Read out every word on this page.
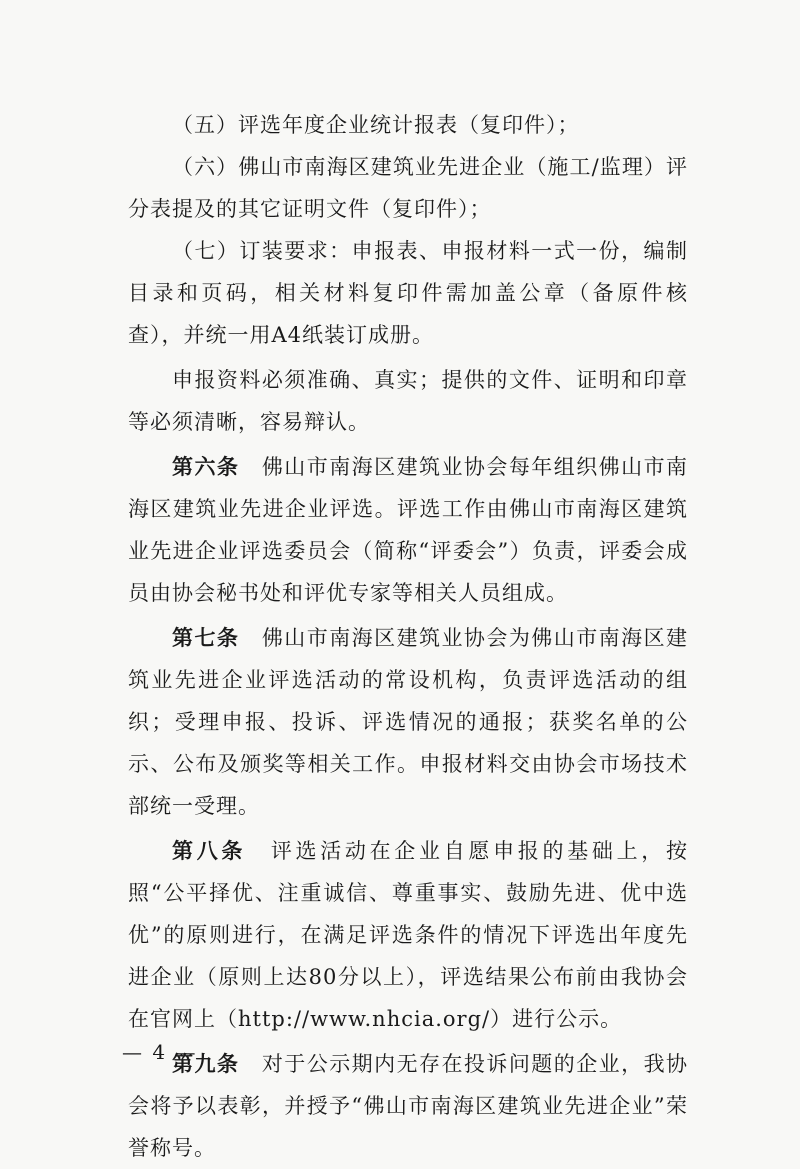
（五）评选年度企业统计报表（复印件）；

（六）佛山市南海区建筑业先进企业（施工/监理）评分表提及的其它证明文件（复印件）；

（七）订装要求：申报表、申报材料一式一份，编制目录和页码，相关材料复印件需加盖公章（备原件核查），并统一用A4纸装订成册。

申报资料必须准确、真实；提供的文件、证明和印章等必须清晰，容易辩认。

第六条　 佛山市南海区建筑业协会每年组织佛山市南海区建筑业先进企业评选。评选工作由佛山市南海区建筑业先进企业评选委员会（简称“评委会”）负责，评委会成员由协会秘书处和评优专家等相关人员组成。

第七条　 佛山市南海区建筑业协会为佛山市南海区建筑业先进企业评选活动的常设机构，负责评选活动的组织；受理申报、投诉、评选情况的通报；获奖名单的公示、公布及颁奖等相关工作。申报材料交由协会市场技术部统一受理。

第八条　 评选活动在企业自愿申报的基础上，按照“公平择优、注重诚信、尊重事实、鼓励先进、优中选优”的原则进行，在满足评选条件的情况下评选出年度先进企业（原则上达80分以上），评选结果公布前由我协会在官网上（http://www.nhcia.org/）进行公示。

第九条　 对于公示期内无存在投诉问题的企业，我协会将予以表彰，并授予“佛山市南海区建筑业先进企业”荣誉称号。

— 4 —
